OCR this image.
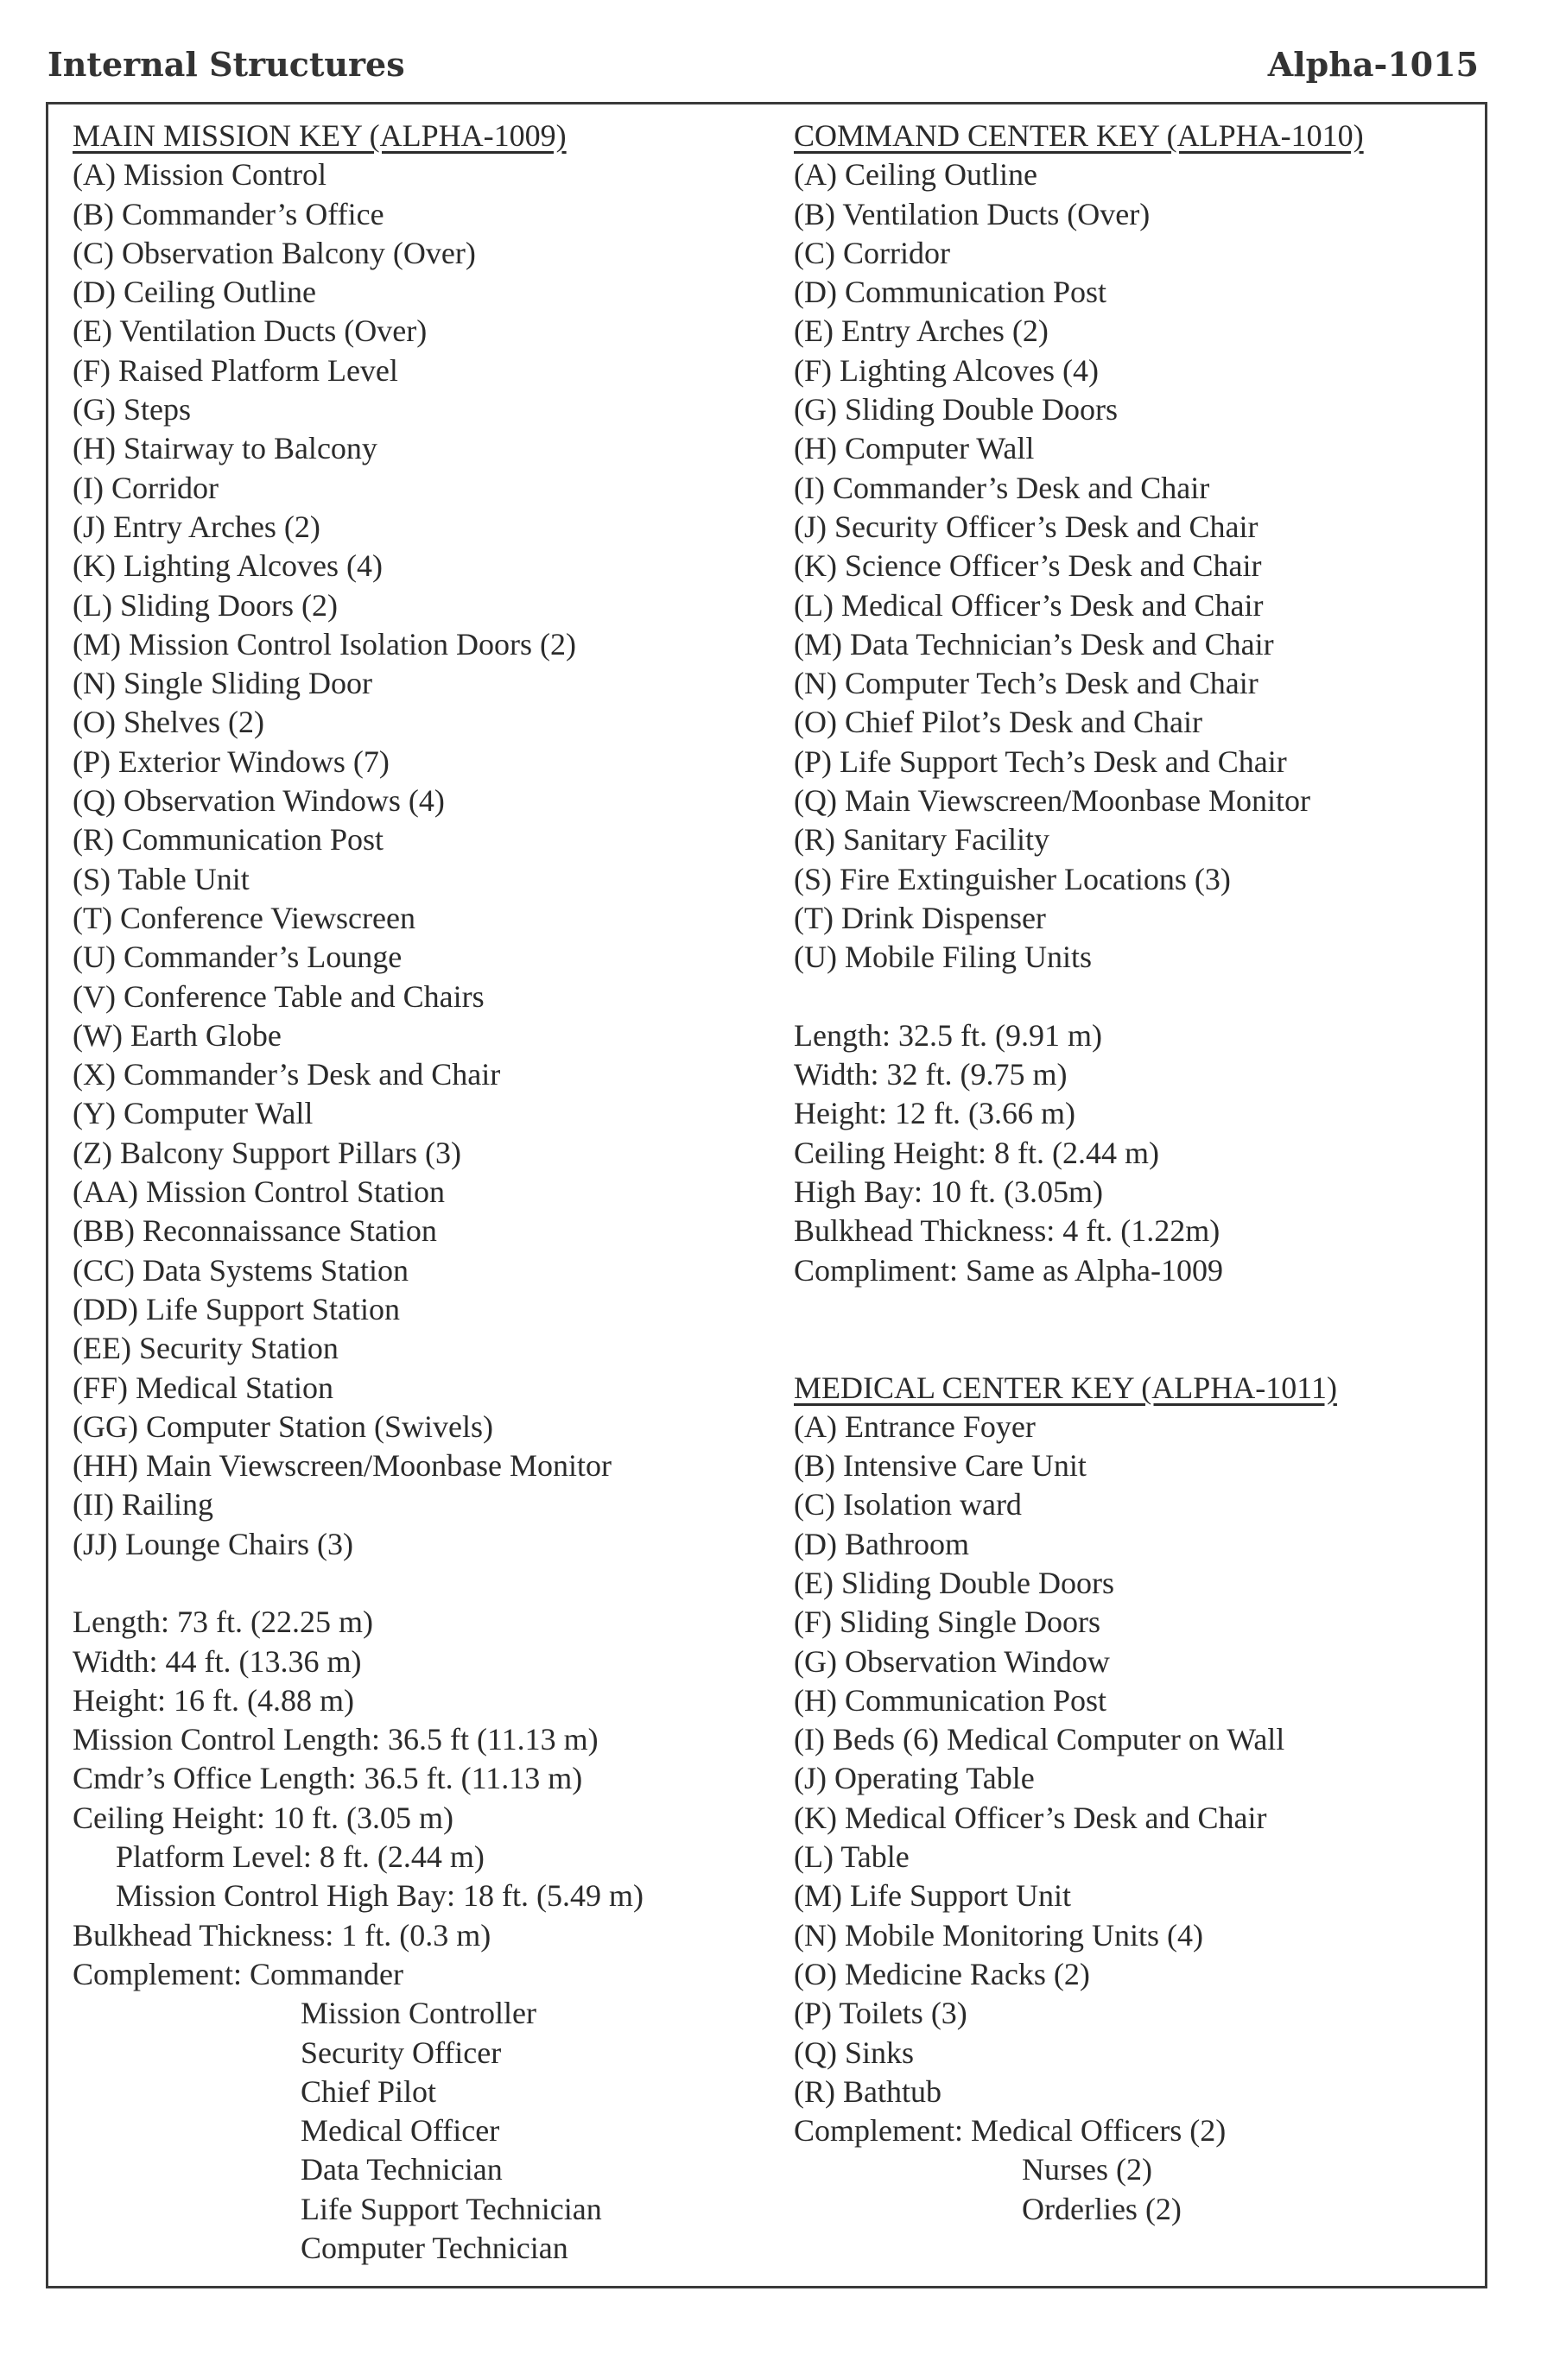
Internal Structures	Alpha-1015
MAIN MISSION KEY (ALPHA-1009)
(A) Mission Control
(B) Commander’s Office
(C) Observation Balcony (Over)
(D) Ceiling Outline
(E) Ventilation Ducts (Over)
(F) Raised Platform Level
(G) Steps
(H) Stairway to Balcony
(I) Corridor
(J) Entry Arches (2)
(K) Lighting Alcoves (4)
(L) Sliding Doors (2)
(M) Mission Control Isolation Doors (2)
(N) Single Sliding Door
(O) Shelves (2)
(P) Exterior Windows (7)
(Q) Observation Windows (4)
(R) Communication Post
(S) Table Unit
(T) Conference Viewscreen
(U) Commander’s Lounge
(V) Conference Table and Chairs
(W) Earth Globe
(X) Commander’s Desk and Chair
(Y) Computer Wall
(Z) Balcony Support Pillars (3)
(AA) Mission Control Station
(BB) Reconnaissance Station
(CC) Data Systems Station
(DD) Life Support Station
(EE) Security Station
(FF) Medical Station
(GG) Computer Station (Swivels)
(HH) Main Viewscreen/Moonbase Monitor
(II) Railing
(JJ) Lounge Chairs (3)
Length: 73 ft. (22.25 m)
Width: 44 ft. (13.36 m)
Height: 16 ft. (4.88 m)
Mission Control Length: 36.5 ft (11.13 m)
Cmdr’s Office Length: 36.5 ft. (11.13 m)
Ceiling Height: 10 ft. (3.05 m)
Platform Level: 8 ft. (2.44 m)
Mission Control High Bay: 18 ft. (5.49 m)
Bulkhead Thickness: 1 ft. (0.3 m)
Complement: Commander
Mission Controller
Security Officer
Chief Pilot
Medical Officer
Data Technician
Life Support Technician
Computer Technician
COMMAND CENTER KEY (ALPHA-1010)
(A) Ceiling Outline
(B) Ventilation Ducts (Over)
(C) Corridor
(D) Communication Post
(E) Entry Arches (2)
(F) Lighting Alcoves (4)
(G) Sliding Double Doors
(H) Computer Wall
(I) Commander’s Desk and Chair
(J) Security Officer’s Desk and Chair
(K) Science Officer’s Desk and Chair
(L) Medical Officer’s Desk and Chair
(M) Data Technician’s Desk and Chair
(N) Computer Tech’s Desk and Chair
(O) Chief Pilot’s Desk and Chair
(P) Life Support Tech’s Desk and Chair
(Q) Main Viewscreen/Moonbase Monitor
(R) Sanitary Facility
(S) Fire Extinguisher Locations (3)
(T) Drink Dispenser
(U) Mobile Filing Units
Length: 32.5 ft. (9.91 m)
Width: 32 ft. (9.75 m)
Height: 12 ft. (3.66 m)
Ceiling Height: 8 ft. (2.44 m)
High Bay: 10 ft. (3.05m)
Bulkhead Thickness: 4 ft. (1.22m)
Compliment: Same as Alpha-1009
MEDICAL CENTER KEY (ALPHA-1011)
(A) Entrance Foyer
(B) Intensive Care Unit
(C) Isolation ward
(D) Bathroom
(E) Sliding Double Doors
(F) Sliding Single Doors
(G) Observation Window
(H) Communication Post
(I) Beds (6) Medical Computer on Wall
(J) Operating Table
(K) Medical Officer’s Desk and Chair
(L) Table
(M) Life Support Unit
(N) Mobile Monitoring Units (4)
(O) Medicine Racks (2)
(P) Toilets (3)
(Q) Sinks
(R) Bathtub
Complement: Medical Officers (2)
Nurses (2)
Orderlies (2)
